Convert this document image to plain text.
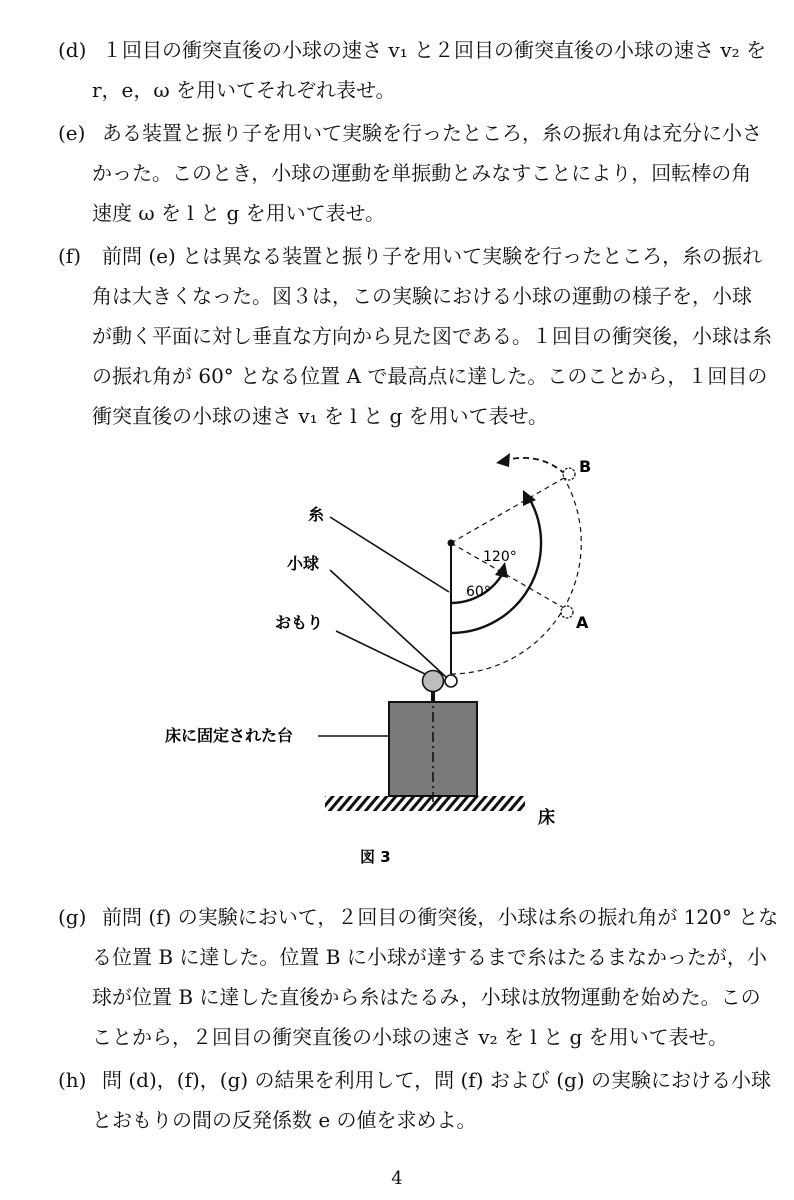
(d) １回目の衝突直後の小球の速さ v₁ と２回目の衝突直後の小球の速さ v₂ を
r，e，ω を用いてそれぞれ表せ。
(e) ある装置と振り子を用いて実験を行ったところ，糸の振れ角は充分に小さ
かった。このとき，小球の運動を単振動とみなすことにより，回転棒の角
速度 ω を l と g を用いて表せ。
(f) 前問 (e) とは異なる装置と振り子を用いて実験を行ったところ，糸の振れ
角は大きくなった。図３は，この実験における小球の運動の様子を，小球
が動く平面に対し垂直な方向から見た図である。１回目の衝突後，小球は糸
の振れ角が 60° となる位置 A で最高点に達した。このことから，１回目の
衝突直後の小球の速さ v₁ を l と g を用いて表せ。
糸
小球
おもり
床に固定された台
床
A
B
60°
120°
図 3
(g) 前問 (f) の実験において，２回目の衝突後，小球は糸の振れ角が 120° とな
る位置 B に達した。位置 B に小球が達するまで糸はたるまなかったが，小
球が位置 B に達した直後から糸はたるみ，小球は放物運動を始めた。この
ことから，２回目の衝突直後の小球の速さ v₂ を l と g を用いて表せ。
(h) 問 (d)，(f)，(g) の結果を利用して，問 (f) および (g) の実験における小球
とおもりの間の反発係数 e の値を求めよ。
4
